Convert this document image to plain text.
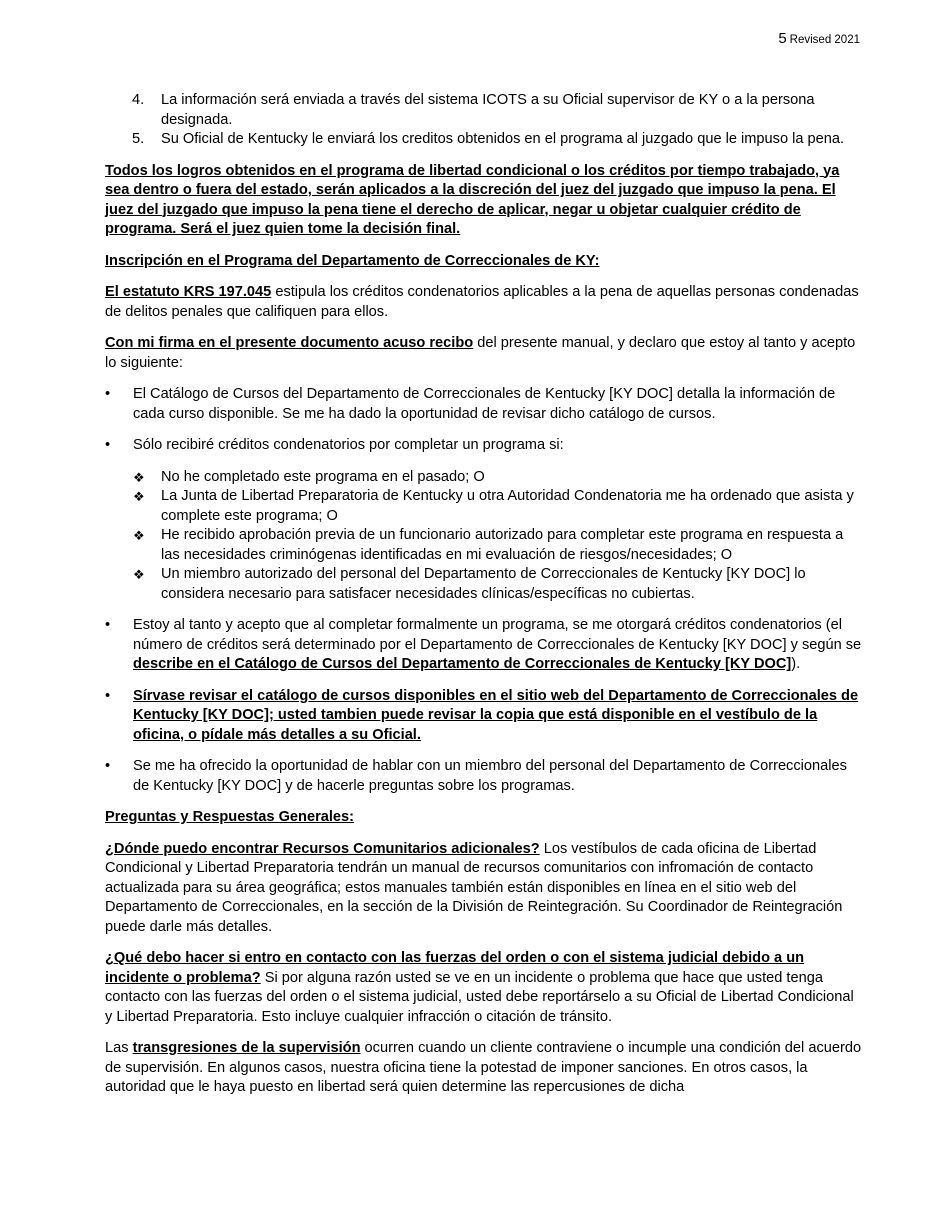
5 Revised 2021
4. La información será enviada a través del sistema ICOTS a su Oficial supervisor de KY o a la persona designada.
5. Su Oficial de Kentucky le enviará los creditos obtenidos en el programa al juzgado que le impuso la pena.

Todos los logros obtenidos en el programa de libertad condicional o los créditos por tiempo trabajado, ya sea dentro o fuera del estado, serán aplicados a la discreción del juez del juzgado que impuso la pena. El juez del juzgado que impuso la pena tiene el derecho de aplicar, negar u objetar cualquier crédito de programa. Será el juez quien tome la decisión final.

Inscripción en el Programa del Departamento de Correccionales de KY:

El estatuto KRS 197.045 estipula los créditos condenatorios aplicables a la pena de aquellas personas condenadas de delitos penales que califiquen para ellos.

Con mi firma en el presente documento acuso recibo del presente manual, y declaro que estoy al tanto y acepto lo siguiente:

• El Catálogo de Cursos del Departamento de Correccionales de Kentucky [KY DOC] detalla la información de cada curso disponible. Se me ha dado la oportunidad de revisar dicho catálogo de cursos.
• Sólo recibiré créditos condenatorios por completar un programa si:
❖ No he completado este programa en el pasado; O
❖ La Junta de Libertad Preparatoria de Kentucky u otra Autoridad Condenatoria me ha ordenado que asista y complete este programa; O
❖ He recibido aprobación previa de un funcionario autorizado para completar este programa en respuesta a las necesidades criminógenas identificadas en mi evaluación de riesgos/necesidades; O
❖ Un miembro autorizado del personal del Departamento de Correccionales de Kentucky [KY DOC] lo considera necesario para satisfacer necesidades clínicas/específicas no cubiertas.
• Estoy al tanto y acepto que al completar formalmente un programa, se me otorgará créditos condenatorios (el número de créditos será determinado por el Departamento de Correccionales de Kentucky [KY DOC] y según se describe en el Catálogo de Cursos del Departamento de Correccionales de Kentucky [KY DOC]).
• Sírvase revisar el catálogo de cursos disponibles en el sitio web del Departamento de Correccionales de Kentucky [KY DOC]; usted tambien puede revisar la copia que está disponible en el vestíbulo de la oficina, o pídale más detalles a su Oficial.
• Se me ha ofrecido la oportunidad de hablar con un miembro del personal del Departamento de Correccionales de Kentucky [KY DOC] y de hacerle preguntas sobre los programas.

Preguntas y Respuestas Generales:

¿Dónde puedo encontrar Recursos Comunitarios adicionales? Los vestíbulos de cada oficina de Libertad Condicional y Libertad Preparatoria tendrán un manual de recursos comunitarios con infromación de contacto actualizada para su área geográfica; estos manuales también están disponibles en línea en el sitio web del Departamento de Correccionales, en la sección de la División de Reintegración. Su Coordinador de Reintegración puede darle más detalles.

¿Qué debo hacer si entro en contacto con las fuerzas del orden o con el sistema judicial debido a un incidente o problema? Si por alguna razón usted se ve en un incidente o problema que hace que usted tenga contacto con las fuerzas del orden o el sistema judicial, usted debe reportárselo a su Oficial de Libertad Condicional y Libertad Preparatoria. Esto incluye cualquier infracción o citación de tránsito.

Las transgresiones de la supervisión ocurren cuando un cliente contraviene o incumple una condición del acuerdo de supervisión. En algunos casos, nuestra oficina tiene la potestad de imponer sanciones. En otros casos, la autoridad que le haya puesto en libertad será quien determine las repercusiones de dicha
